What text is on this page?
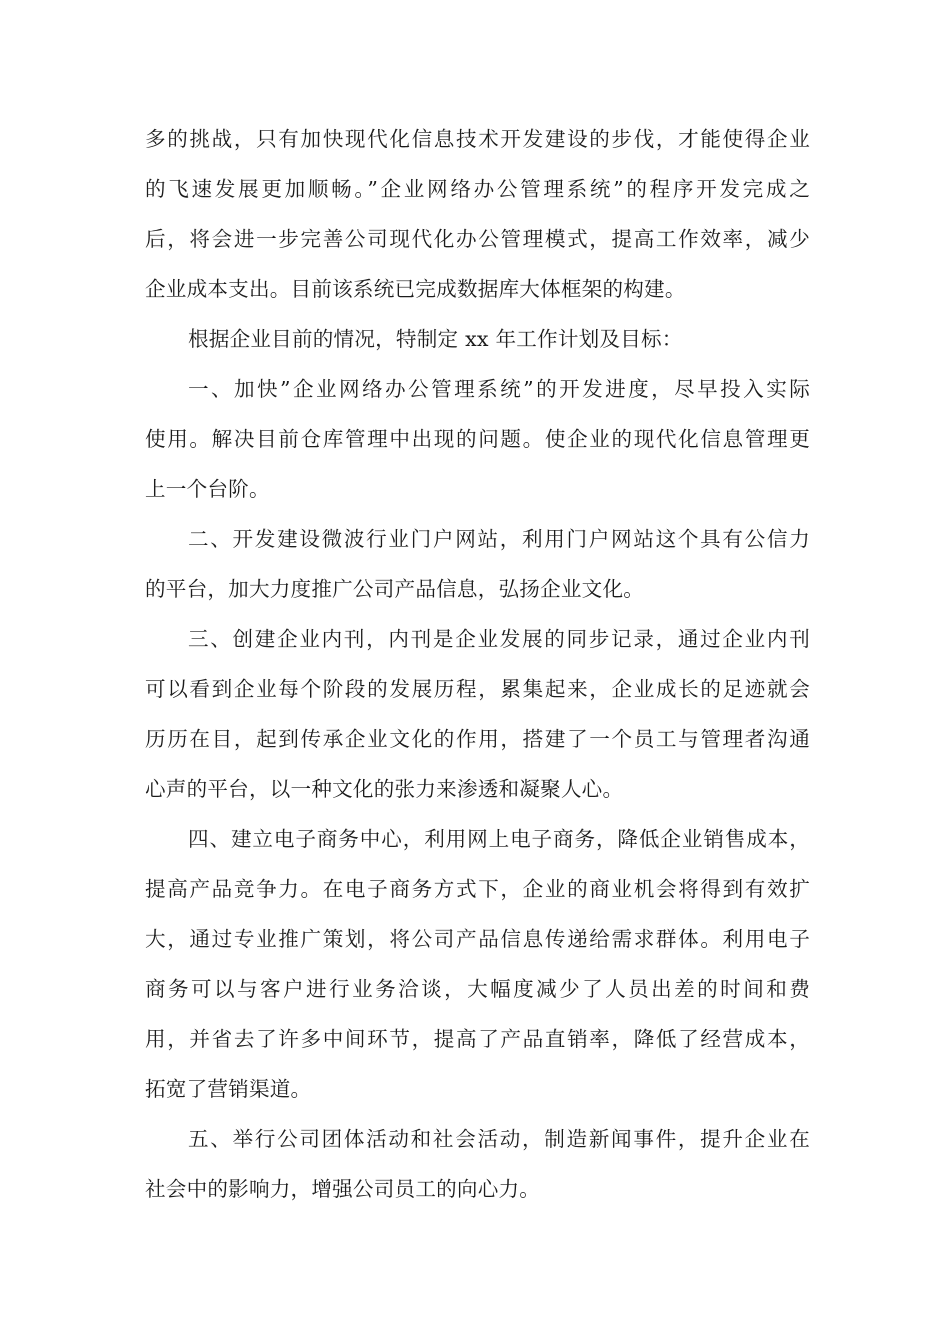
多的挑战，只有加快现代化信息技术开发建设的步伐，才能使得企业
的飞速发展更加顺畅。”企业网络办公管理系统”的程序开发完成之
后，将会进一步完善公司现代化办公管理模式，提高工作效率，减少
企业成本支出。目前该系统已完成数据库大体框架的构建。
根据企业目前的情况，特制定 xx 年工作计划及目标：
一、加快”企业网络办公管理系统”的开发进度，尽早投入实际
使用。解决目前仓库管理中出现的问题。使企业的现代化信息管理更
上一个台阶。
二、开发建设微波行业门户网站，利用门户网站这个具有公信力
的平台，加大力度推广公司产品信息，弘扬企业文化。
三、创建企业内刊，内刊是企业发展的同步记录，通过企业内刊
可以看到企业每个阶段的发展历程，累集起来，企业成长的足迹就会
历历在目，起到传承企业文化的作用，搭建了一个员工与管理者沟通
心声的平台，以一种文化的张力来渗透和凝聚人心。
四、建立电子商务中心，利用网上电子商务，降低企业销售成本，
提高产品竞争力。在电子商务方式下，企业的商业机会将得到有效扩
大，通过专业推广策划，将公司产品信息传递给需求群体。利用电子
商务可以与客户进行业务洽谈，大幅度减少了人员出差的时间和费
用，并省去了许多中间环节，提高了产品直销率，降低了经营成本，
拓宽了营销渠道。
五、举行公司团体活动和社会活动，制造新闻事件，提升企业在
社会中的影响力，增强公司员工的向心力。
